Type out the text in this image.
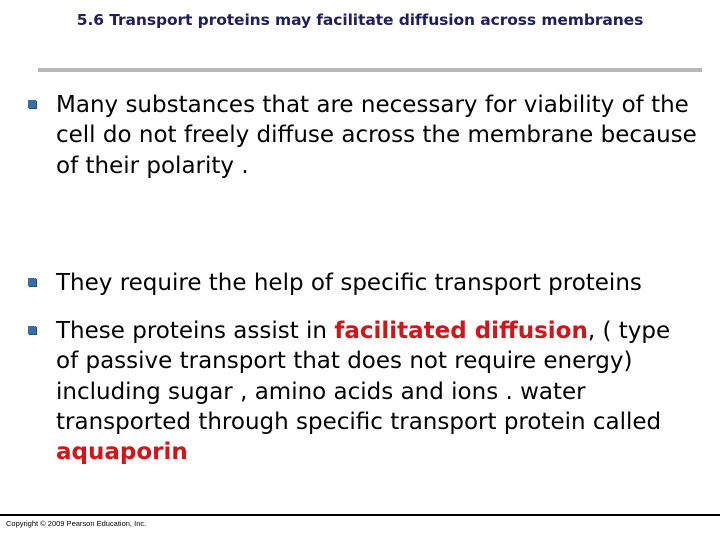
5.6 Transport proteins may facilitate diffusion across membranes
Many substances that are necessary for viability of the cell do not freely diffuse across the membrane because of their polarity .
They require the help of specific transport proteins
These proteins assist in facilitated diffusion, ( type of passive transport that does not require energy) including sugar , amino acids and ions . water transported through specific transport protein called aquaporin
Copyright © 2009 Pearson Education, Inc.
